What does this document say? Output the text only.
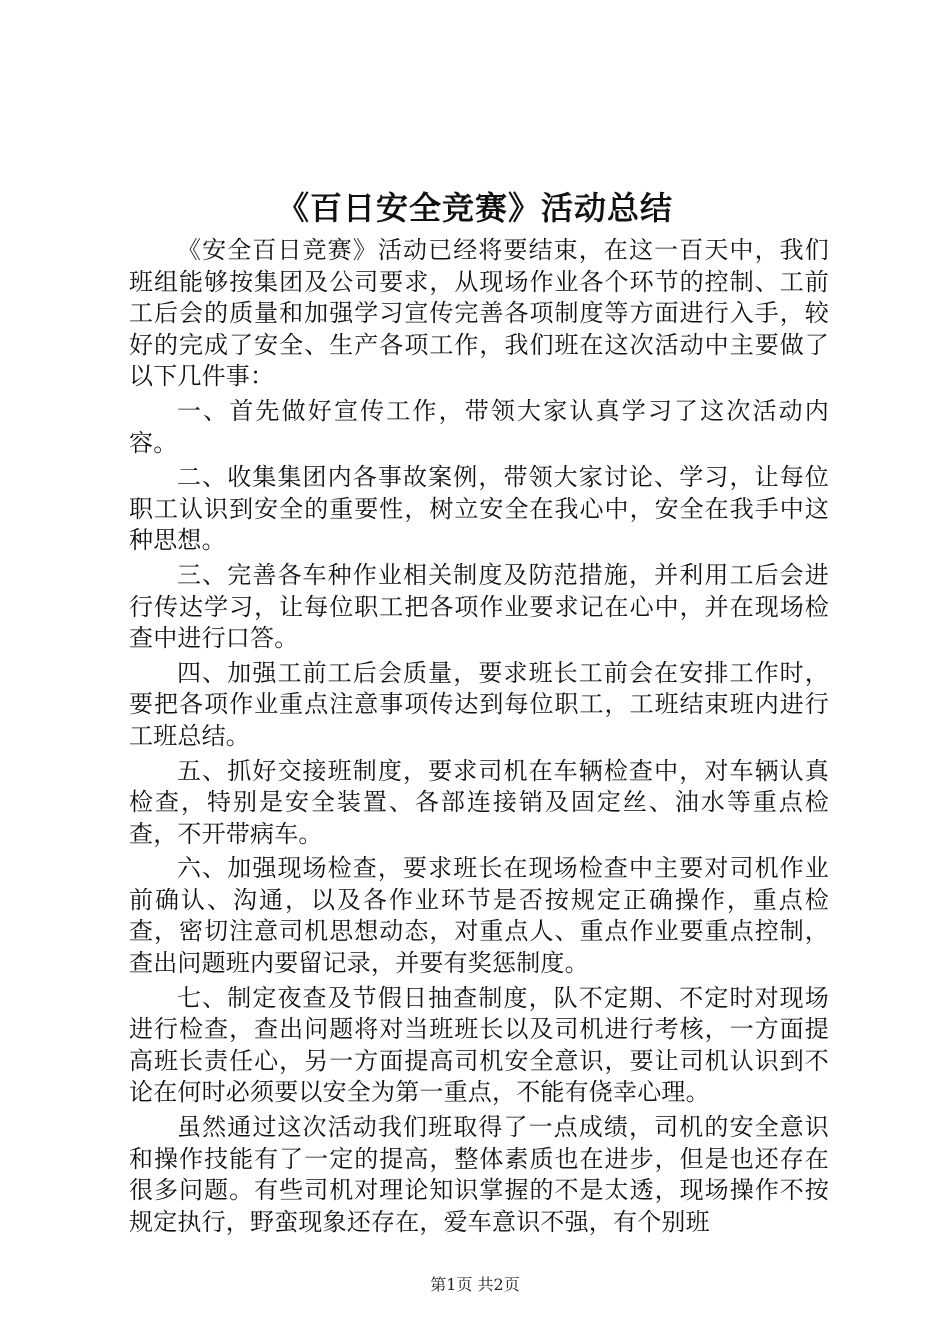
《百日安全竞赛》活动总结

《安全百日竞赛》活动已经将要结束，在这一百天中，我们班组能够按集团及公司要求，从现场作业各个环节的控制、工前工后会的质量和加强学习宣传完善各项制度等方面进行入手，较好的完成了安全、生产各项工作，我们班在这次活动中主要做了以下几件事：

一、首先做好宣传工作，带领大家认真学习了这次活动内容。

二、收集集团内各事故案例，带领大家讨论、学习，让每位职工认识到安全的重要性，树立安全在我心中，安全在我手中这种思想。

三、完善各车种作业相关制度及防范措施，并利用工后会进行传达学习，让每位职工把各项作业要求记在心中，并在现场检查中进行口答。

四、加强工前工后会质量，要求班长工前会在安排工作时，要把各项作业重点注意事项传达到每位职工，工班结束班内进行工班总结。

五、抓好交接班制度，要求司机在车辆检查中，对车辆认真检查，特别是安全装置、各部连接销及固定丝、油水等重点检查，不开带病车。

六、加强现场检查，要求班长在现场检查中主要对司机作业前确认、沟通，以及各作业环节是否按规定正确操作，重点检查，密切注意司机思想动态，对重点人、重点作业要重点控制，查出问题班内要留记录，并要有奖惩制度。

七、制定夜查及节假日抽查制度，队不定期、不定时对现场进行检查，查出问题将对当班班长以及司机进行考核，一方面提高班长责任心，另一方面提高司机安全意识，要让司机认识到不论在何时必须要以安全为第一重点，不能有侥幸心理。

虽然通过这次活动我们班取得了一点成绩，司机的安全意识和操作技能有了一定的提高，整体素质也在进步，但是也还存在很多问题。有些司机对理论知识掌握的不是太透，现场操作不按规定执行，野蛮现象还存在，爱车意识不强，有个别班

第1页 共2页
